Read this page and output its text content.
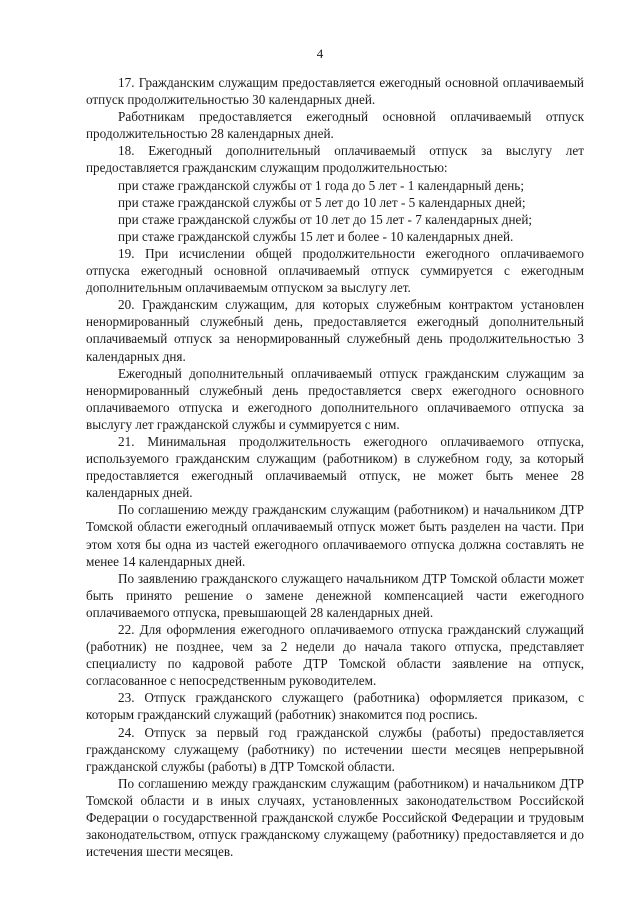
4

17. Гражданским служащим предоставляется ежегодный основной оплачиваемый отпуск продолжительностью 30 календарных дней.

Работникам предоставляется ежегодный основной оплачиваемый отпуск продолжительностью 28 календарных дней.

18. Ежегодный дополнительный оплачиваемый отпуск за выслугу лет предоставляется гражданским служащим продолжительностью:

при стаже гражданской службы от 1 года до 5 лет - 1 календарный день;

при стаже гражданской службы от 5 лет до 10 лет - 5 календарных дней;

при стаже гражданской службы от 10 лет до 15 лет - 7 календарных дней;

при стаже гражданской службы 15 лет и более - 10 календарных дней.

19. При исчислении общей продолжительности ежегодного оплачиваемого отпуска ежегодный основной оплачиваемый отпуск суммируется с ежегодным дополнительным оплачиваемым отпуском за выслугу лет.

20. Гражданским служащим, для которых служебным контрактом установлен ненормированный служебный день, предоставляется ежегодный дополнительный оплачиваемый отпуск за ненормированный служебный день продолжительностью 3 календарных дня.

Ежегодный дополнительный оплачиваемый отпуск гражданским служащим за ненормированный служебный день предоставляется сверх ежегодного основного оплачиваемого отпуска и ежегодного дополнительного оплачиваемого отпуска за выслугу лет гражданской службы и суммируется с ним.

21. Минимальная продолжительность ежегодного оплачиваемого отпуска, используемого гражданским служащим (работником) в служебном году, за который предоставляется ежегодный оплачиваемый отпуск, не может быть менее 28 календарных дней.

По соглашению между гражданским служащим (работником) и начальником ДТР Томской области ежегодный оплачиваемый отпуск может быть разделен на части. При этом хотя бы одна из частей ежегодного оплачиваемого отпуска должна составлять не менее 14 календарных дней.

По заявлению гражданского служащего начальником ДТР Томской области может быть принято решение о замене денежной компенсацией части ежегодного оплачиваемого отпуска, превышающей 28 календарных дней.

22. Для оформления ежегодного оплачиваемого отпуска гражданский служащий (работник) не позднее, чем за 2 недели до начала такого отпуска, представляет специалисту по кадровой работе ДТР Томской области заявление на отпуск, согласованное с непосредственным руководителем.

23. Отпуск гражданского служащего (работника) оформляется приказом, с которым гражданский служащий (работник) знакомится под роспись.

24. Отпуск за первый год гражданской службы (работы) предоставляется гражданскому служащему (работнику) по истечении шести месяцев непрерывной гражданской службы (работы) в ДТР Томской области.

По соглашению между гражданским служащим (работником) и начальником ДТР Томской области и в иных случаях, установленных законодательством Российской Федерации о государственной гражданской службе Российской Федерации и трудовым законодательством, отпуск гражданскому служащему (работнику) предоставляется и до истечения шести месяцев.
